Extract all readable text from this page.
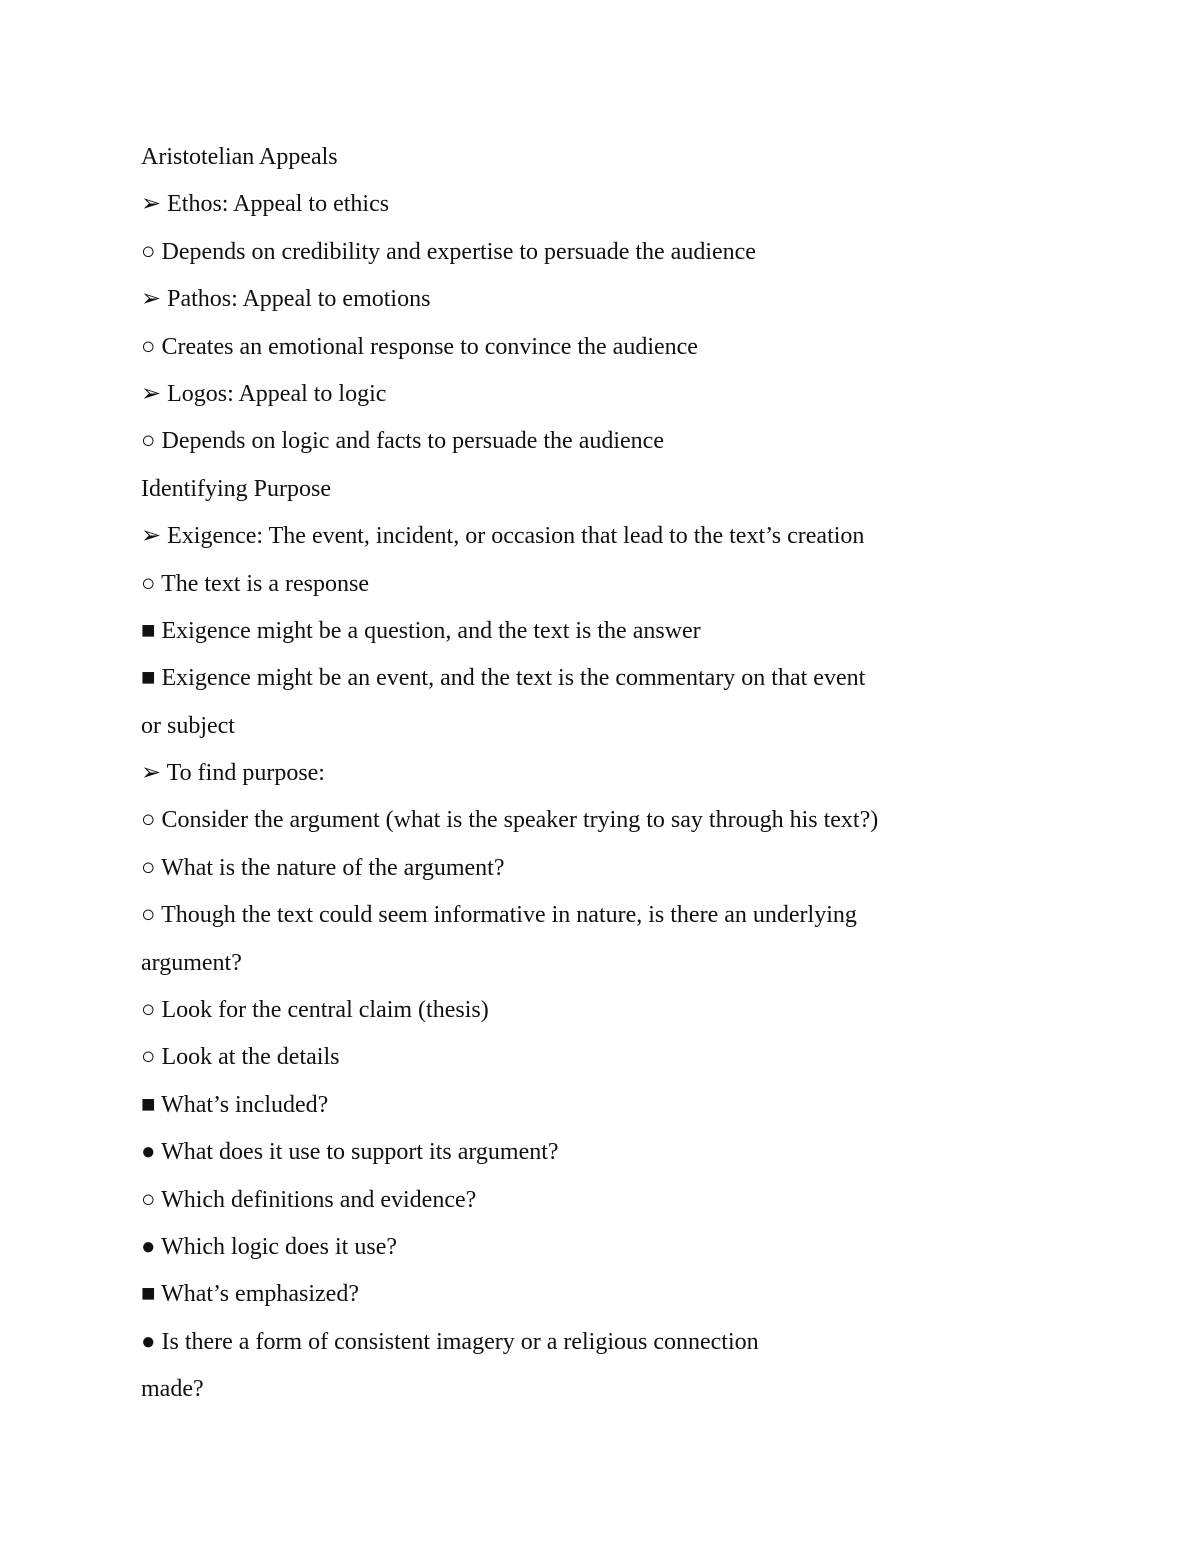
Aristotelian Appeals
➢ Ethos: Appeal to ethics
○ Depends on credibility and expertise to persuade the audience
➢ Pathos: Appeal to emotions
○ Creates an emotional response to convince the audience
➢ Logos: Appeal to logic
○ Depends on logic and facts to persuade the audience
Identifying Purpose
➢ Exigence: The event, incident, or occasion that lead to the text’s creation
○ The text is a response
■ Exigence might be a question, and the text is the answer
■ Exigence might be an event, and the text is the commentary on that event
or subject
➢ To find purpose:
○ Consider the argument (what is the speaker trying to say through his text?)
○ What is the nature of the argument?
○ Though the text could seem informative in nature, is there an underlying
argument?
○ Look for the central claim (thesis)
○ Look at the details
■ What’s included?
● What does it use to support its argument?
○ Which definitions and evidence?
● Which logic does it use?
■ What’s emphasized?
● Is there a form of consistent imagery or a religious connection
made?
